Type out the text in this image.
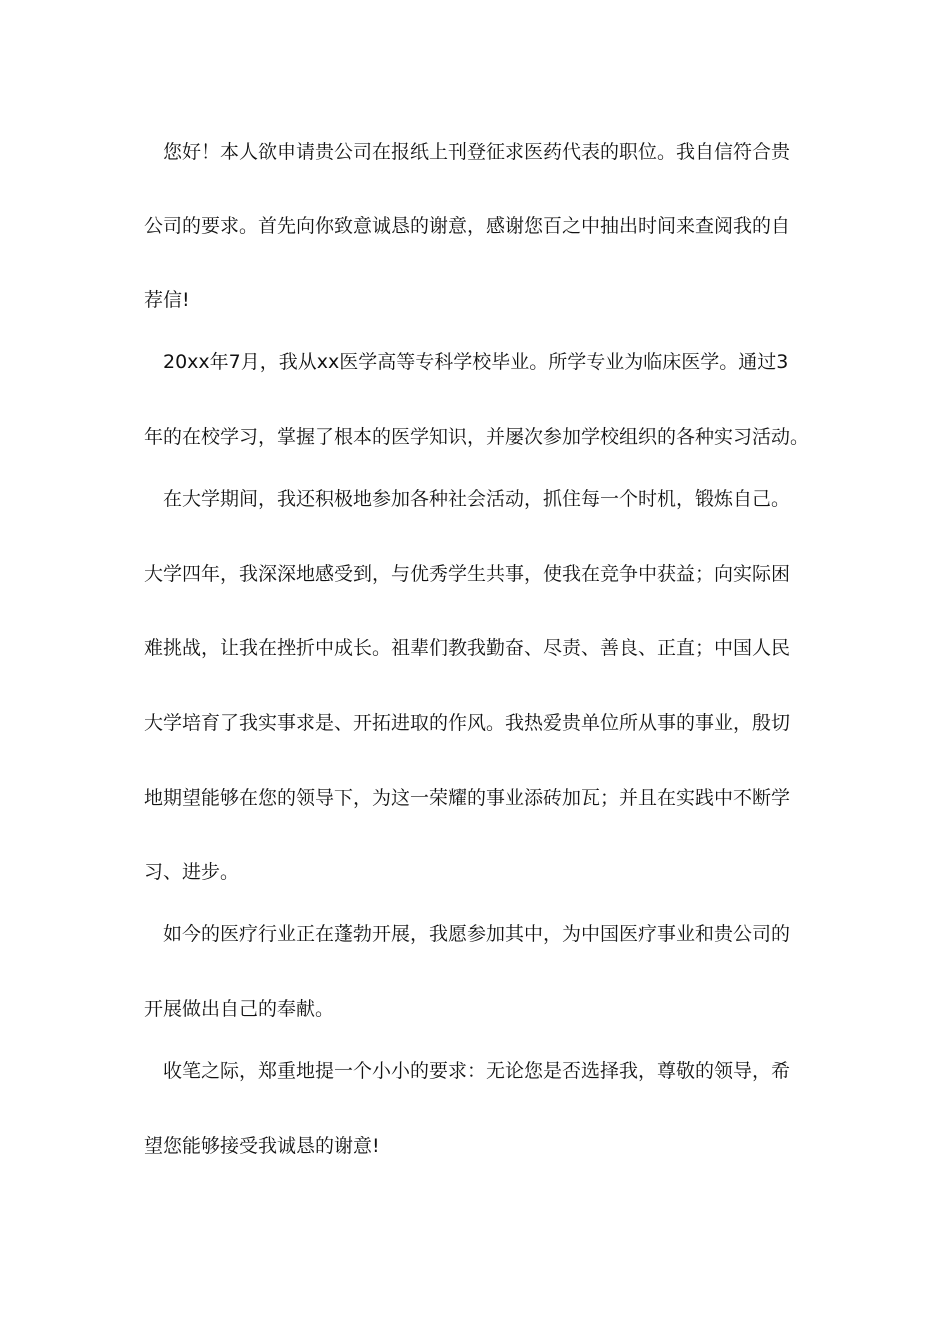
您好！本人欲申请贵公司在报纸上刊登征求医药代表的职位。我自信符合贵
公司的要求。首先向你致意诚恳的谢意，感谢您百之中抽出时间来查阅我的自
荐信!
20xx年7月，我从xx医学高等专科学校毕业。所学专业为临床医学。通过3
年的在校学习，掌握了根本的医学知识，并屡次参加学校组织的各种实习活动。
在大学期间，我还积极地参加各种社会活动，抓住每一个时机，锻炼自己。
大学四年，我深深地感受到，与优秀学生共事，使我在竞争中获益；向实际困
难挑战，让我在挫折中成长。祖辈们教我勤奋、尽责、善良、正直；中国人民
大学培育了我实事求是、开拓进取的作风。我热爱贵单位所从事的事业，殷切
地期望能够在您的领导下，为这一荣耀的事业添砖加瓦；并且在实践中不断学
习、进步。
如今的医疗行业正在蓬勃开展，我愿参加其中，为中国医疗事业和贵公司的
开展做出自己的奉献。
收笔之际，郑重地提一个小小的要求：无论您是否选择我，尊敬的领导，希
望您能够接受我诚恳的谢意!
